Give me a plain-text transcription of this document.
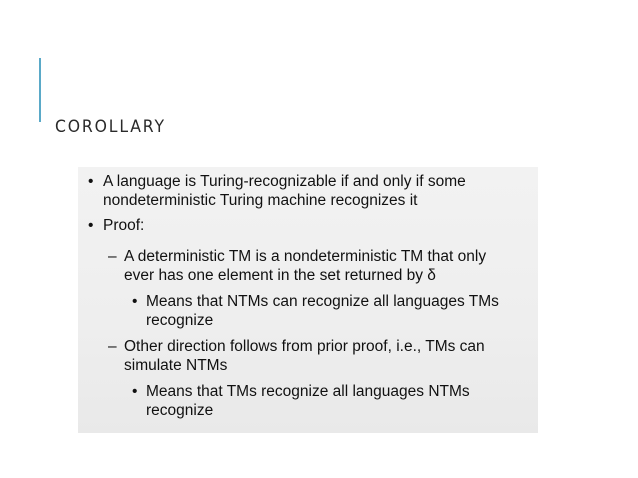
COROLLARY
• A language is Turing-recognizable if and only if some

nondeterministic Turing machine recognizes it

• Proof:

– A deterministic TM is a nondeterministic TM that only

ever has one element in the set returned by δ

• Means that NTMs can recognize all languages TMs

recognize

– Other direction follows from prior proof, i.e., TMs can

simulate NTMs

• Means that TMs recognize all languages NTMs

recognize
